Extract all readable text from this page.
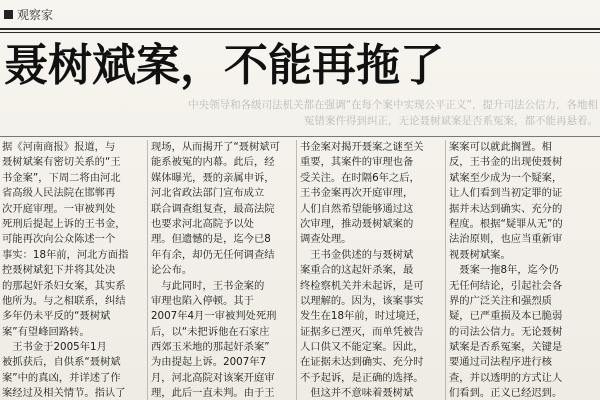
观察家
聂树斌案，不能再拖了
中央领导和各级司法机关都在强调“在每个案中实现公平正义”，提升司法公信力，各地相
冤错案件得到纠正，无论聂树斌案是否系冤案，都不能再悬着。
据《河南商报》报道，与
聂树斌案有密切关系的“王
书金案”，下周二将由河北
省高级人民法院在邯郸再
次开庭审理。一审被判处
死刑后提起上诉的王书金，
可能再次向公众陈述一个
事实：18年前，河北方面指
控聂树斌犯下并将其处决
的那起奸杀妇女案，其实系
他所为。与之相联系，纠结
多年仍未平反的“聂树斌
案”有望峰回路转。
　王书金于2005年1月
被抓获后，自供系“聂树斌
案”中的真凶，并详述了作
案经过及相关情节。指认了
现场，从而揭开了“聂树斌可
能系被冤的内幕。此后，经
媒体曝光，聂的亲属申诉，
河北省政法部门宣布成立
联合调查组复查，最高法院
也要求河北高院予以处
理。但遗憾的是，迄今已8
年有余，却仍无任何调查结
论公布。
　与此同时，王书金案的
审理也陷入停顿。其于
2007年4月一审被判处死刑
后，以“未把诉他在石家庄
西郊玉米地的那起奸杀案”
为由提起上诉。2007年7
月，河北高院对该案开庭审
理，此后一直未判。由于王
书金案对揭开聂案之谜至关
重要，其案件的审理也备
受关注。在时隔6年之后，
王书金案再次开庭审理，
人们自然希望能够通过这
次审理，推动聂树斌案的
调查处理。
　王书金供述的与聂树斌
案重合的这起奸杀案，最
终检察机关并未起诉，是可
以理解的。因为，该案事实
发生在18年前，时过境迁，
证据多已湮灭，而单凭被告
人口供又不能定案。因此，
在证据未达到确实、充分时
不予起诉，是正确的选择。
　但这并不意味着聂树斌
案案可以就此搁置。相
反，王书金的出现使聂树
斌案至少成为一个疑案，
让人们看到当初定罪的证
据并未达到确实、充分的
程度。根据“疑罪从无”的
法治原则，也应当重新审
视聂树斌案。
　聂案一拖8年，迄今仍
无任何结论，引起社会各
界的广泛关注和强烈质
疑，已严重损及本已脆弱
的司法公信力。无论聂树
斌案是否系冤案，关键是
要通过司法程序进行核
查，并以透明的方式让人
们看到。正义已经迟到。
